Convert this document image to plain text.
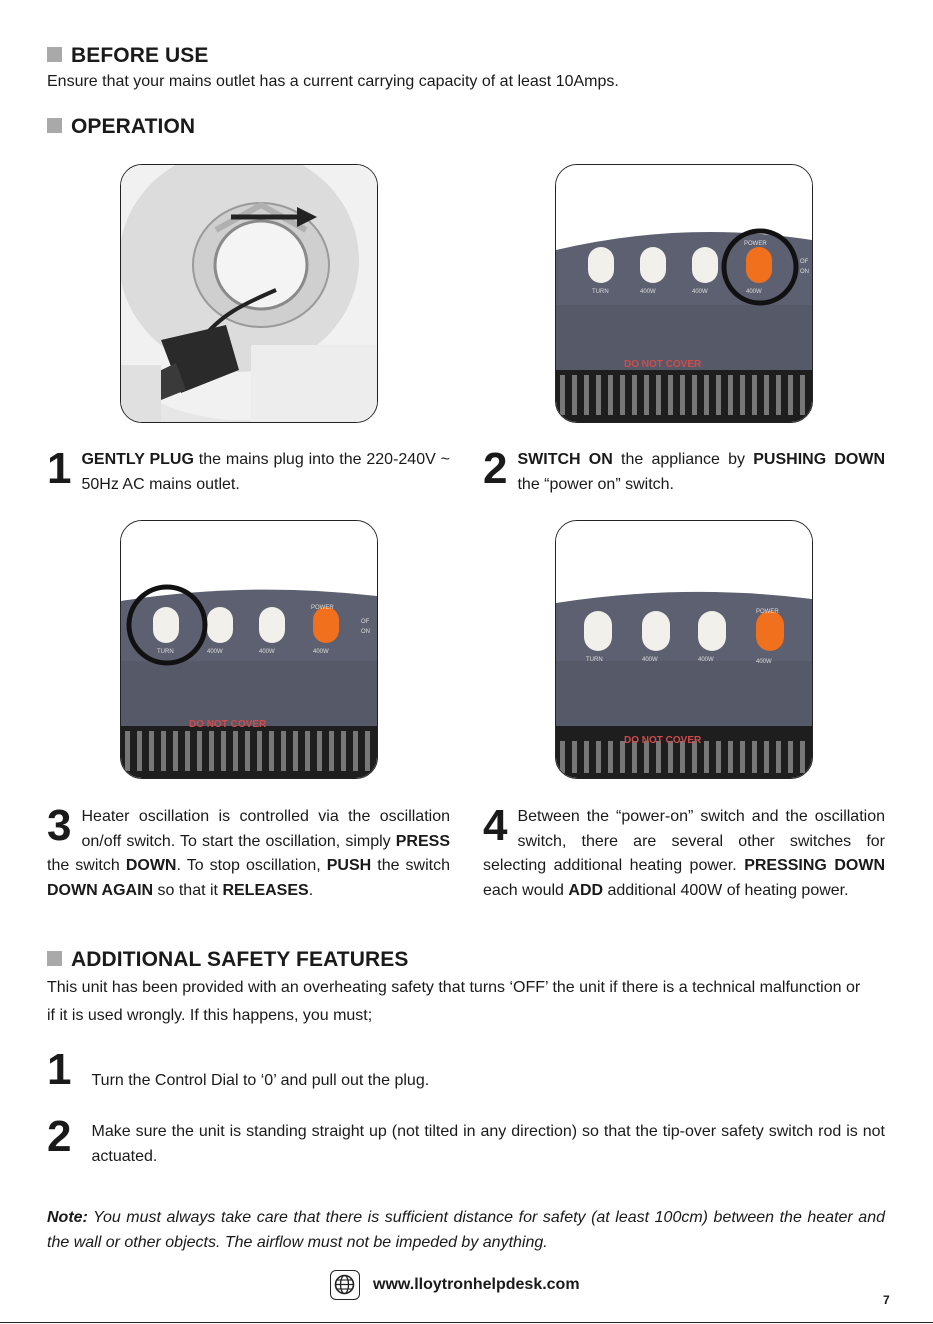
BEFORE USE
Ensure that your mains outlet has a current carrying capacity of at least 10Amps.
OPERATION
TURN	400W	400W	400W
POWER
OF
ON
DO NOT COVER
1 GENTLY PLUG the mains plug into the 220-240V ~ 50Hz AC mains outlet.	2 SWITCH ON the appliance by PUSHING DOWN the “power on” switch.
TURN	400W	400W	400W
POWER
OF
ON
DO NOT COVER
TURN	400W	400W	400W
POWER
DO NOT COVER
3 Heater oscillation is controlled via the oscillation on/off switch. To start the oscillation, simply PRESS the switch DOWN. To stop oscillation, PUSH the switch DOWN AGAIN so that it RELEASES.
4 Between the “power-on” switch and the oscillation switch, there are several other switches for selecting additional heating power. PRESSING DOWN each would ADD additional 400W of heating power.
ADDITIONAL SAFETY FEATURES
This unit has been provided with an overheating safety that turns ‘OFF’ the unit if there is a technical malfunction or if it is used wrongly. If this happens, you must;
1 Turn the Control Dial to ‘0’ and pull out the plug.
2 Make sure the unit is standing straight up (not tilted in any direction) so that the tip-over safety switch rod is not actuated.
Note: You must always take care that there is sufficient distance for safety (at least 100cm) between the heater and the wall or other objects. The airflow must not be impeded by anything.
www.lloytronhelpdesk.com
7
